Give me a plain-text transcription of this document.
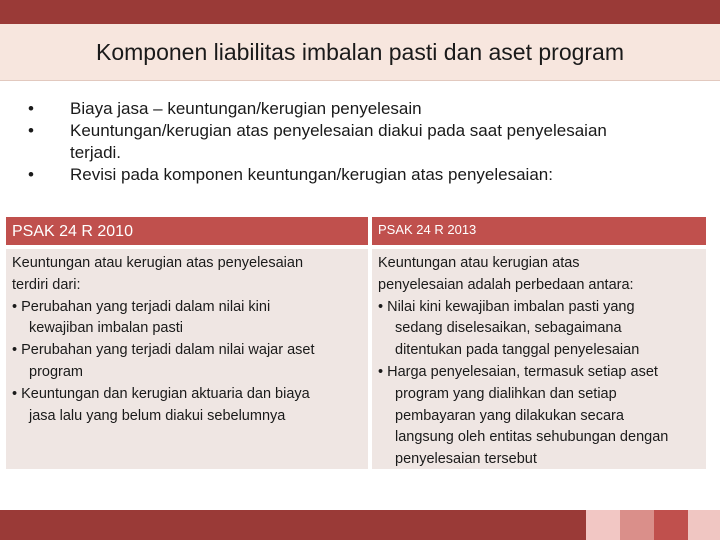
Komponen liabilitas imbalan pasti dan aset program
• Biaya jasa – keuntungan/kerugian penyelesain
• Keuntungan/kerugian atas penyelesaian diakui pada saat penyelesaian
terjadi.
• Revisi pada komponen keuntungan/kerugian atas penyelesaian:
PSAK 24 R 2010	PSAK 24 R 2013
Keuntungan atau kerugian atas penyelesaian
terdiri dari:
• Perubahan yang terjadi dalam nilai kini
kewajiban imbalan pasti
• Perubahan yang terjadi dalam nilai wajar aset
program
• Keuntungan dan kerugian aktuaria dan biaya
jasa lalu yang belum diakui sebelumnya
Keuntungan atau kerugian atas
penyelesaian adalah perbedaan antara:
• Nilai kini kewajiban imbalan pasti yang
sedang diselesaikan, sebagaimana
ditentukan pada tanggal penyelesaian
• Harga penyelesaian, termasuk setiap aset
program yang dialihkan dan setiap
pembayaran yang dilakukan secara
langsung oleh entitas sehubungan dengan
penyelesaian tersebut
